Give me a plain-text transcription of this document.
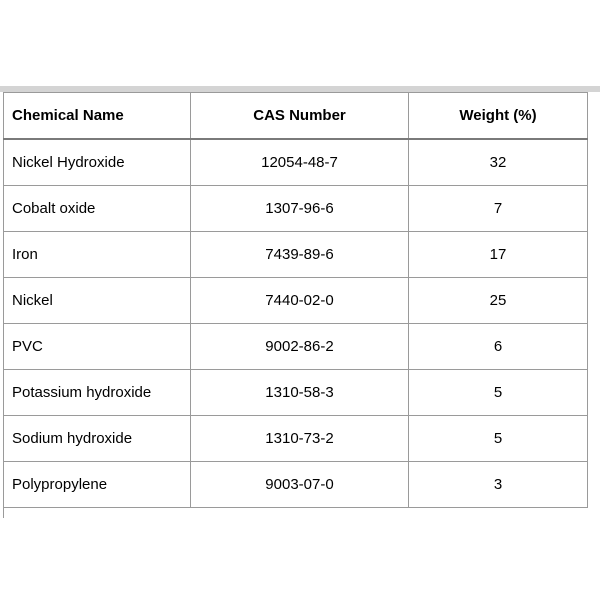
Chemical Name	CAS Number	Weight (%)
Nickel Hydroxide	12054-48-7	32
Cobalt oxide	1307-96-6	7
Iron	7439-89-6	17
Nickel	7440-02-0	25
PVC	9002-86-2	6
Potassium hydroxide	1310-58-3	5
Sodium hydroxide	1310-73-2	5
Polypropylene	9003-07-0	3
